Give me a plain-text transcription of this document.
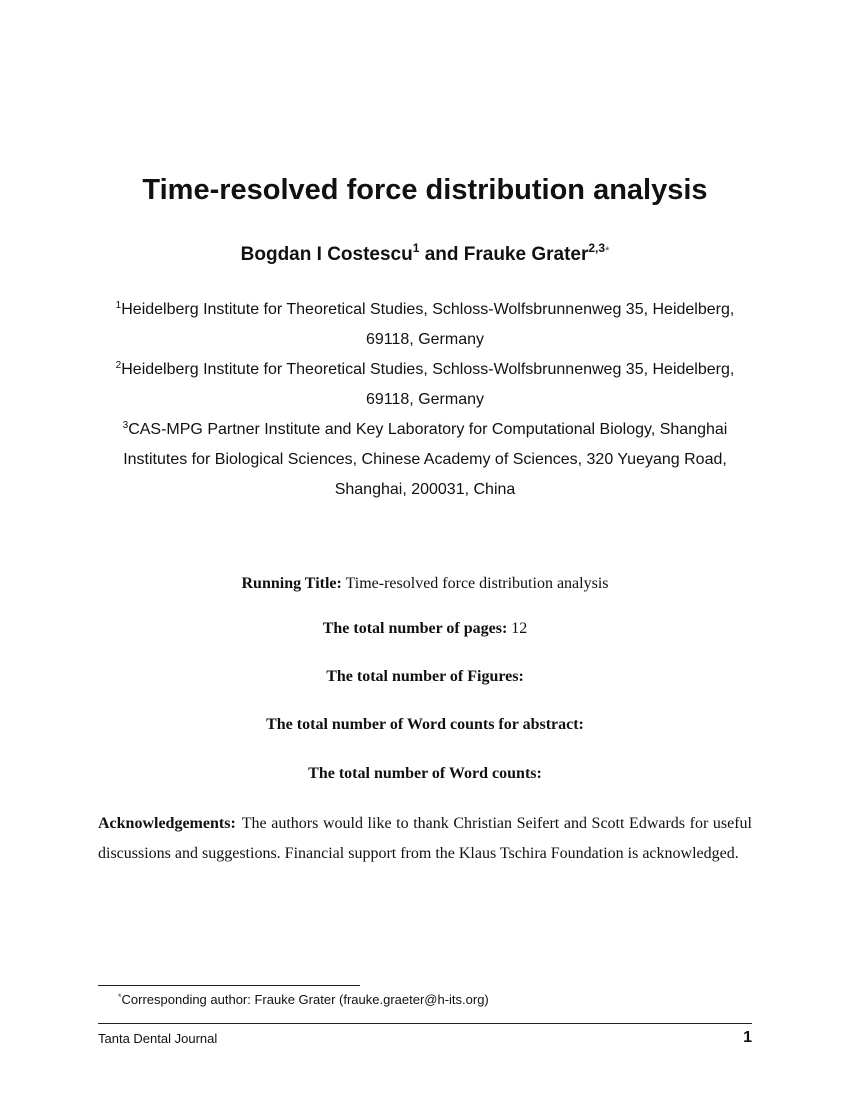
Time-resolved force distribution analysis
Bogdan I Costescu$^1$ and Frauke Grater$^{2,3*}$
$^1$Heidelberg Institute for Theoretical Studies, Schloss-Wolfsbrunnenweg 35, Heidelberg, 69118, Germany
$^2$Heidelberg Institute for Theoretical Studies, Schloss-Wolfsbrunnenweg 35, Heidelberg, 69118, Germany
$^3$CAS-MPG Partner Institute and Key Laboratory for Computational Biology, Shanghai Institutes for Biological Sciences, Chinese Academy of Sciences, 320 Yueyang Road, Shanghai, 200031, China
Running Title: Time-resolved force distribution analysis
The total number of pages: 12
The total number of Figures:
The total number of Word counts for abstract:
The total number of Word counts:
Acknowledgements: The authors would like to thank Christian Seifert and Scott Edwards for useful discussions and suggestions. Financial support from the Klaus Tschira Foundation is acknowledged.
*Corresponding author: Frauke Grater (frauke.graeter@h-its.org)
Tanta Dental Journal	1
